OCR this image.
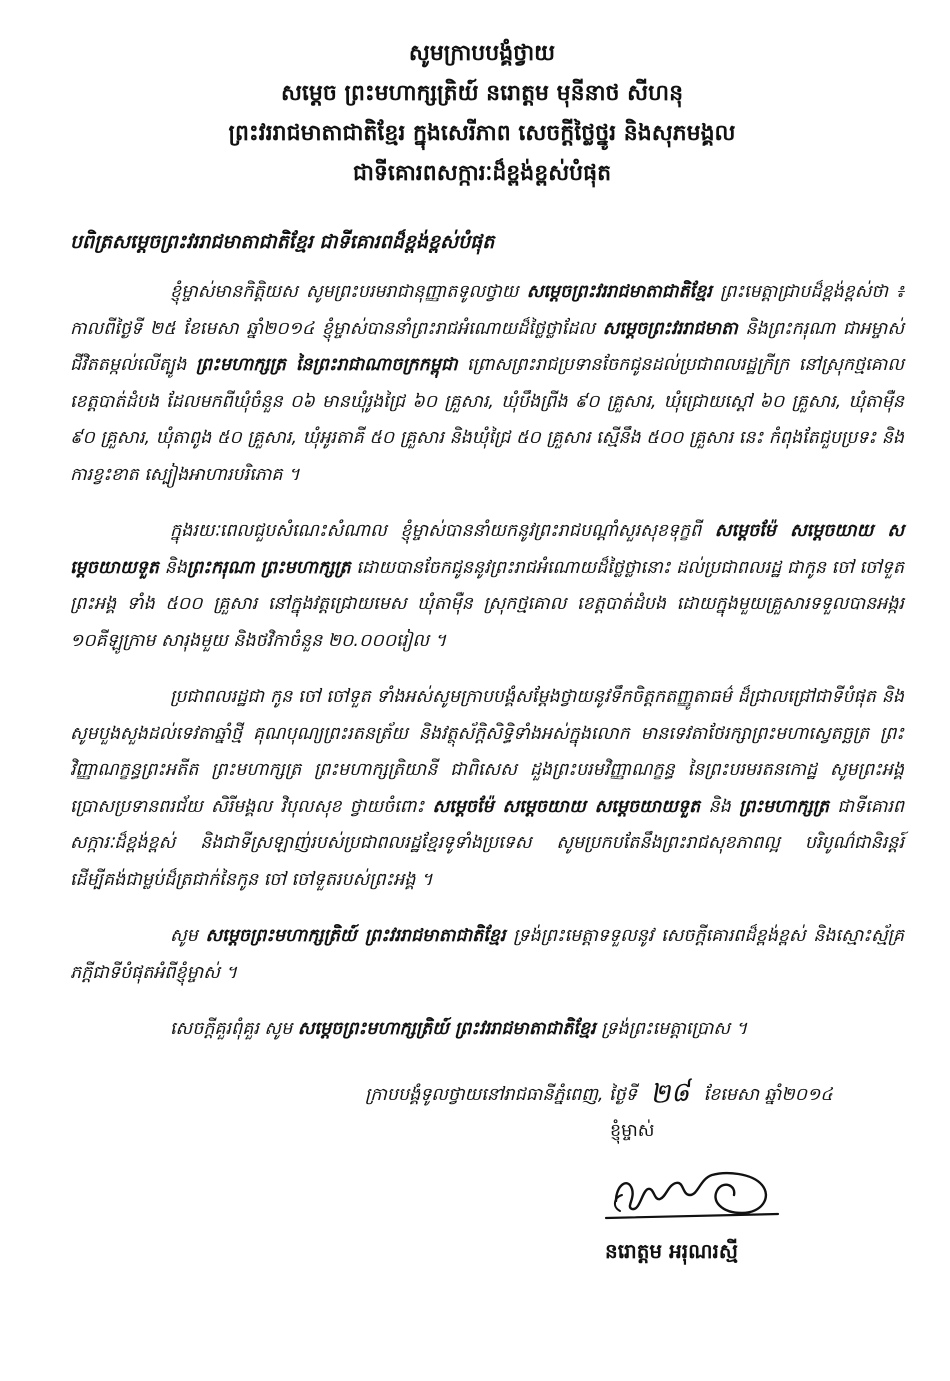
សូមក្រាបបង្គំថ្វាយ
សម្តេច ព្រះមហាក្សត្រិយ៍ នរោត្តម មុនីនាថ សីហនុ
ព្រះវររាជមាតាជាតិខ្មែរ ក្នុងសេរីភាព សេចក្តីថ្លៃថ្នូរ និងសុភមង្គល
ជាទីគោរពសក្ការៈដ៏ខ្ពង់ខ្ពស់បំផុត
បពិត្រសម្តេចព្រះវររាជមាតាជាតិខ្មែរ ជាទីគោរពដ៏ខ្ពង់ខ្ពស់បំផុត

ខ្ញុំម្ចាស់មានកិត្តិយស សូមព្រះបរមរាជានុញ្ញាតទូលថ្វាយ សម្តេចព្រះវររាជមាតាជាតិខ្មែរ ព្រះមេត្តាជ្រាបដ៏ខ្ពង់ខ្ពស់ថា ៖ កាលពីថ្ងៃទី ២៥ ខែមេសា ឆ្នាំ២០១៤ ខ្ញុំម្ចាស់បាននាំព្រះរាជអំណោយដ៏ថ្លៃថ្លាដែល សម្តេចព្រះវររាជមាតា និងព្រះករុណា ជាអម្ចាស់ជីវិតតម្កល់លើត្បូង ព្រះមហាក្សត្រ នៃព្រះរាជាណាចក្រកម្ពុជា ព្រោសព្រះរាជប្រទានចែកជូនដល់ប្រជាពលរដ្ឋក្រីក្រ នៅស្រុកថ្មគោល ខេត្តបាត់ដំបង ដែលមកពីឃុំចំនួន ០៦ មានឃុំរូងជ្រៃ ៦០ គ្រួសារ, ឃុំបឹងព្រីង ៩០ គ្រួសារ, ឃុំជ្រោយស្តៅ ៦០ គ្រួសារ, ឃុំតាម៉ឺន ៩០ គ្រួសារ, ឃុំតាពូង ៥០ គ្រួសារ, ឃុំអូរតាគី ៥០ គ្រួសារ និងឃុំជ្រៃ ៥០ គ្រួសារ ស្មើនឹង ៥០០ គ្រួសារ នេះ កំពុងតែជួបប្រទះ និងការខ្វះខាត ស្បៀងអាហារបរិភោគ ។

ក្នុងរយៈពេលជួបសំណេះសំណាល ខ្ញុំម្ចាស់បាននាំយកនូវព្រះរាជបណ្តាំសួរសុខទុក្ខពី សម្តេចម៉ែ សម្តេចយាយ សម្តេចយាយទួត និងព្រះករុណា ព្រះមហាក្សត្រ ដោយបានចែកជូននូវព្រះរាជអំណោយដ៏ថ្លៃថ្លានោះ ដល់ប្រជាពលរដ្ឋ ជាកូន ចៅ ចៅទួតព្រះអង្គ ទាំង ៥០០ គ្រួសារ នៅក្នុងវត្តជ្រោយមេស ឃុំតាម៉ឺន ស្រុកថ្មគោល ខេត្តបាត់ដំបង ដោយក្នុងមួយគ្រួសារទទួលបានអង្ករ ១០គីឡូក្រាម សារុងមួយ និងថវិកាចំនួន ២០.០០០រៀល ។

ប្រជាពលរដ្ឋជា កូន ចៅ ចៅទួត ទាំងអស់សូមក្រាបបង្គំសម្តែងថ្វាយនូវទឹកចិត្តកតញ្ញូតាធម៌ ដ៏ជ្រាលជ្រៅជាទីបំផុត និងសូមបួងសួងដល់ទេវតាឆ្នាំថ្មី គុណបុណ្យព្រះរតនត្រ័យ និងវត្ថុស័ក្តិសិទ្ធិទាំងអស់ក្នុងលោក មានទេវតាថែរក្សាព្រះមហាស្វេតច្ឆត្រ ព្រះវិញ្ញាណក្ខន្ធព្រះអតីត ព្រះមហាក្សត្រ ព្រះមហាក្សត្រិយានី ជាពិសេស ដួងព្រះបរមវិញ្ញាណក្ខន្ធ នៃព្រះបរមរតនកោដ្ឋ សូមព្រះអង្គប្រោសប្រទានពរជ័យ សិរីមង្គល វិបុលសុខ ថ្វាយចំពោះ សម្តេចម៉ែ សម្តេចយាយ សម្តេចយាយទួត និង ព្រះមហាក្សត្រ ជាទីគោរពសក្ការៈដ៏ខ្ពង់ខ្ពស់ និងជាទីស្រឡាញ់របស់ប្រជាពលរដ្ឋខ្មែរទូទាំងប្រទេស សូមប្រកបតែនឹងព្រះរាជសុខភាពល្អ បរិបូណ៌ជានិរន្តរ៍ ដើម្បីគង់ជាម្លប់ដ៏ត្រជាក់នៃកូន ចៅ ចៅទួតរបស់ព្រះអង្គ ។

សូម សម្តេចព្រះមហាក្សត្រិយ៍ ព្រះវររាជមាតាជាតិខ្មែរ ទ្រង់ព្រះមេត្តាទទួលនូវ សេចក្តីគោរពដ៏ខ្ពង់ខ្ពស់ និងស្មោះស្ម័គ្រភក្តីជាទីបំផុតអំពីខ្ញុំម្ចាស់ ។

សេចក្តីគួរពុំគួរ សូម សម្តេចព្រះមហាក្សត្រិយ៍ ព្រះវររាជមាតាជាតិខ្មែរ ទ្រង់ព្រះមេត្តាប្រោស ។

ក្រាបបង្គំទូលថ្វាយនៅរាជធានីភ្នំពេញ, ថ្ងៃទី ២៨ ខែមេសា ឆ្នាំ២០១៤
ខ្ញុំម្ចាស់
នរោត្តម អរុណរស្មី
